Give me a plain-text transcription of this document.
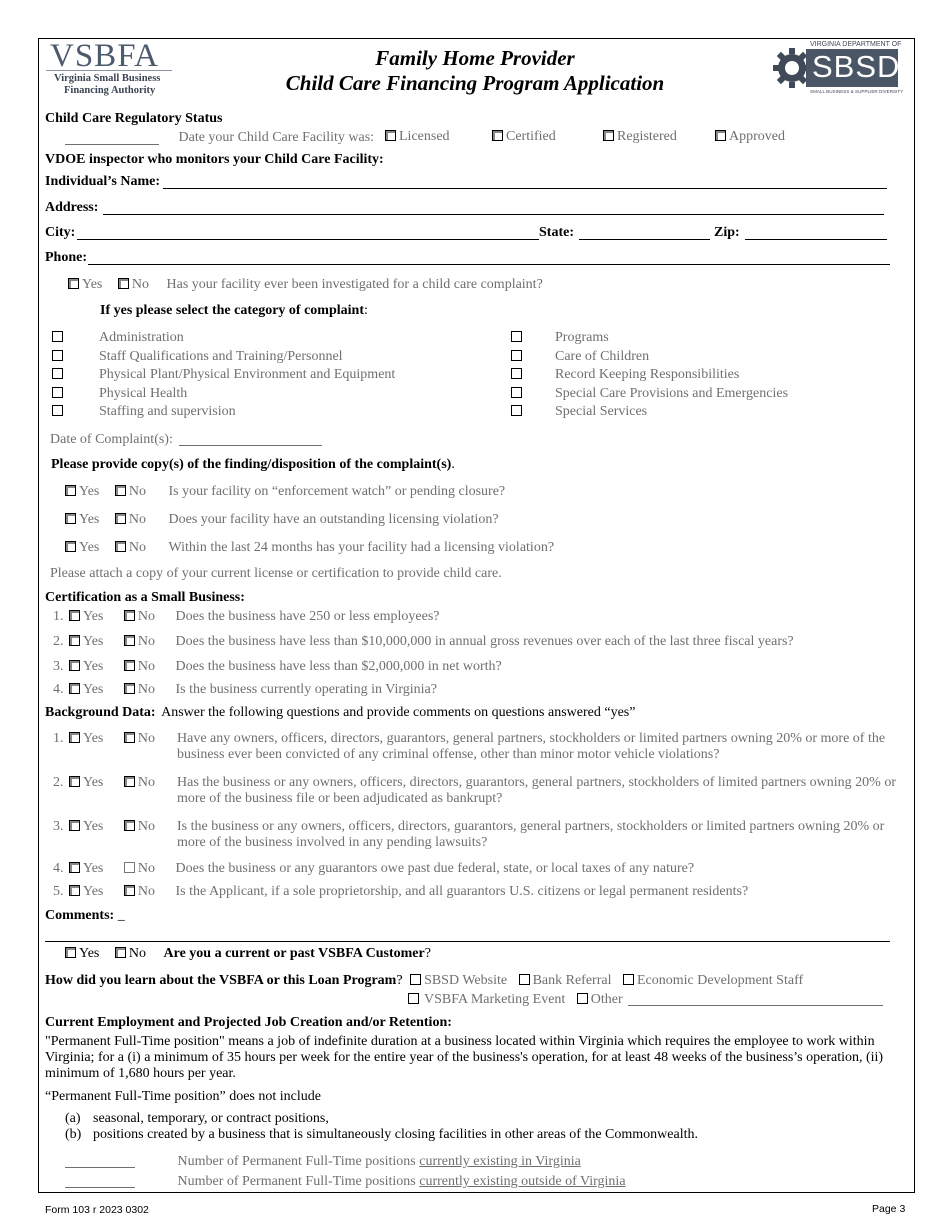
VSBFA
Virginia Small Business
Financing Authority
Family Home Provider
Child Care Financing Program Application
VIRGINIA DEPARTMENT OF
SBSD
SMALL BUSINESS & SUPPLIER DIVERSITY
Child Care Regulatory Status
Date your Child Care Facility was:	Licensed	Certified	Registered	Approved
VDOE inspector who monitors your Child Care Facility:
Individual’s Name:
Address:
City:	State:	Zip:
Phone:
Yes No Has your facility ever been investigated for a child care complaint?
If yes please select the category of complaint:
Administration
Staff Qualifications and Training/Personnel
Physical Plant/Physical Environment and Equipment
Physical Health
Staffing and supervision
Programs
Care of Children
Record Keeping Responsibilities
Special Care Provisions and Emergencies
Special Services
Date of Complaint(s):
Please provide copy(s) of the finding/disposition of the complaint(s).
Yes No Is your facility on “enforcement watch” or pending closure?
Yes No Does your facility have an outstanding licensing violation?
Yes No Within the last 24 months has your facility had a licensing violation?
Please attach a copy of your current license or certification to provide child care.
Certification as a Small Business:
1. Yes No Does the business have 250 or less employees?
2. Yes No Does the business have less than $10,000,000 in annual gross revenues over each of the last three fiscal years?
3. Yes No Does the business have less than $2,000,000 in net worth?
4. Yes No Is the business currently operating in Virginia?
Background Data: Answer the following questions and provide comments on questions answered “yes”
1. Yes No Have any owners, officers, directors, guarantors, general partners, stockholders or limited partners owning 20% or more of the
business ever been convicted of any criminal offense, other than minor motor vehicle violations?
2. Yes No Has the business or any owners, officers, directors, guarantors, general partners, stockholders of limited partners owning 20% or
more of the business file or been adjudicated as bankrupt?
3. Yes No Is the business or any owners, officers, directors, guarantors, general partners, stockholders or limited partners owning 20% or
more of the business involved in any pending lawsuits?
4. Yes No Does the business or any guarantors owe past due federal, state, or local taxes of any nature?
5. Yes No Is the Applicant, if a sole proprietorship, and all guarantors U.S. citizens or legal permanent residents?
Comments: _
Yes No Are you a current or past VSBFA Customer?
How did you learn about the VSBFA or this Loan Program? SBSD Website Bank Referral Economic Development Staff
VSBFA Marketing Event Other
Current Employment and Projected Job Creation and/or Retention:
"Permanent Full-Time position" means a job of indefinite duration at a business located within Virginia which requires the employee to work within
Virginia; for a (i) a minimum of 35 hours per week for the entire year of the business's operation, for at least 48 weeks of the business’s operation, (ii)
minimum of 1,680 hours per year.
“Permanent Full-Time position” does not include
(a) seasonal, temporary, or contract positions,
(b) positions created by a business that is simultaneously closing facilities in other areas of the Commonwealth.
Number of Permanent Full-Time positions currently existing in Virginia
Number of Permanent Full-Time positions currently existing outside of Virginia
Form 103 r 2023 0302	Page 3
